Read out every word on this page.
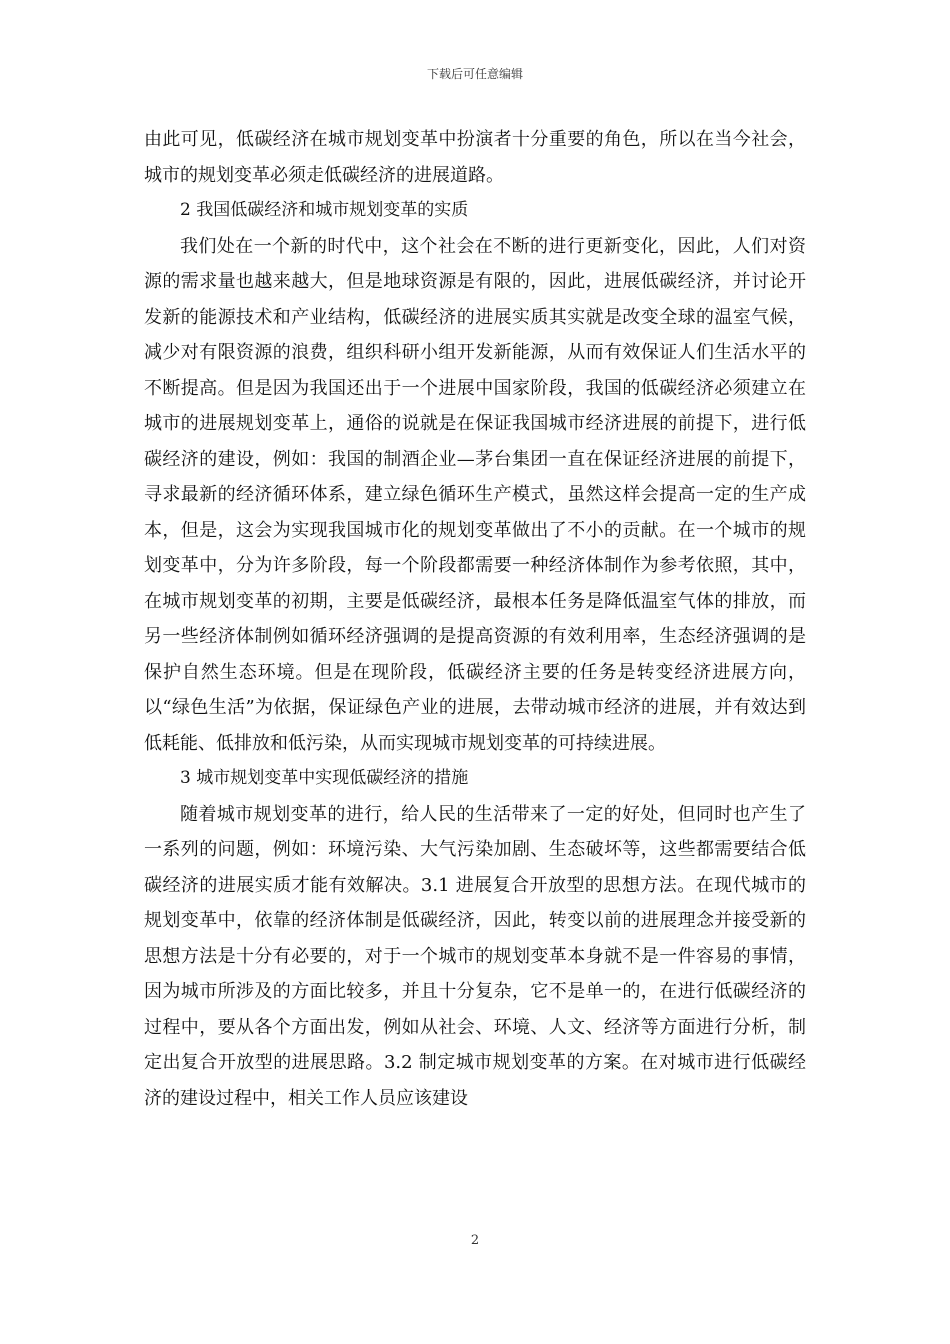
下载后可任意编辑

由此可见，低碳经济在城市规划变革中扮演者十分重要的角色，所以在当今社会，城市的规划变革必须走低碳经济的进展道路。

2 我国低碳经济和城市规划变革的实质

我们处在一个新的时代中，这个社会在不断的进行更新变化，因此，人们对资源的需求量也越来越大，但是地球资源是有限的，因此，进展低碳经济，并讨论开发新的能源技术和产业结构，低碳经济的进展实质其实就是改变全球的温室气候，减少对有限资源的浪费，组织科研小组开发新能源，从而有效保证人们生活水平的不断提高。但是因为我国还出于一个进展中国家阶段，我国的低碳经济必须建立在城市的进展规划变革上，通俗的说就是在保证我国城市经济进展的前提下，进行低碳经济的建设，例如：我国的制酒企业—茅台集团一直在保证经济进展的前提下，寻求最新的经济循环体系，建立绿色循环生产模式，虽然这样会提高一定的生产成本，但是，这会为实现我国城市化的规划变革做出了不小的贡献。在一个城市的规划变革中，分为许多阶段，每一个阶段都需要一种经济体制作为参考依照，其中，在城市规划变革的初期，主要是低碳经济，最根本任务是降低温室气体的排放，而另一些经济体制例如循环经济强调的是提高资源的有效利用率，生态经济强调的是保护自然生态环境。但是在现阶段，低碳经济主要的任务是转变经济进展方向，以“绿色生活”为依据，保证绿色产业的进展，去带动城市经济的进展，并有效达到低耗能、低排放和低污染，从而实现城市规划变革的可持续进展。

3 城市规划变革中实现低碳经济的措施

随着城市规划变革的进行，给人民的生活带来了一定的好处，但同时也产生了一系列的问题，例如：环境污染、大气污染加剧、生态破坏等，这些都需要结合低碳经济的进展实质才能有效解决。3.1 进展复合开放型的思想方法。在现代城市的规划变革中，依靠的经济体制是低碳经济，因此，转变以前的进展理念并接受新的思想方法是十分有必要的，对于一个城市的规划变革本身就不是一件容易的事情，因为城市所涉及的方面比较多，并且十分复杂，它不是单一的，在进行低碳经济的过程中，要从各个方面出发，例如从社会、环境、人文、经济等方面进行分析，制定出复合开放型的进展思路。3.2 制定城市规划变革的方案。在对城市进行低碳经济的建设过程中，相关工作人员应该建设

2
